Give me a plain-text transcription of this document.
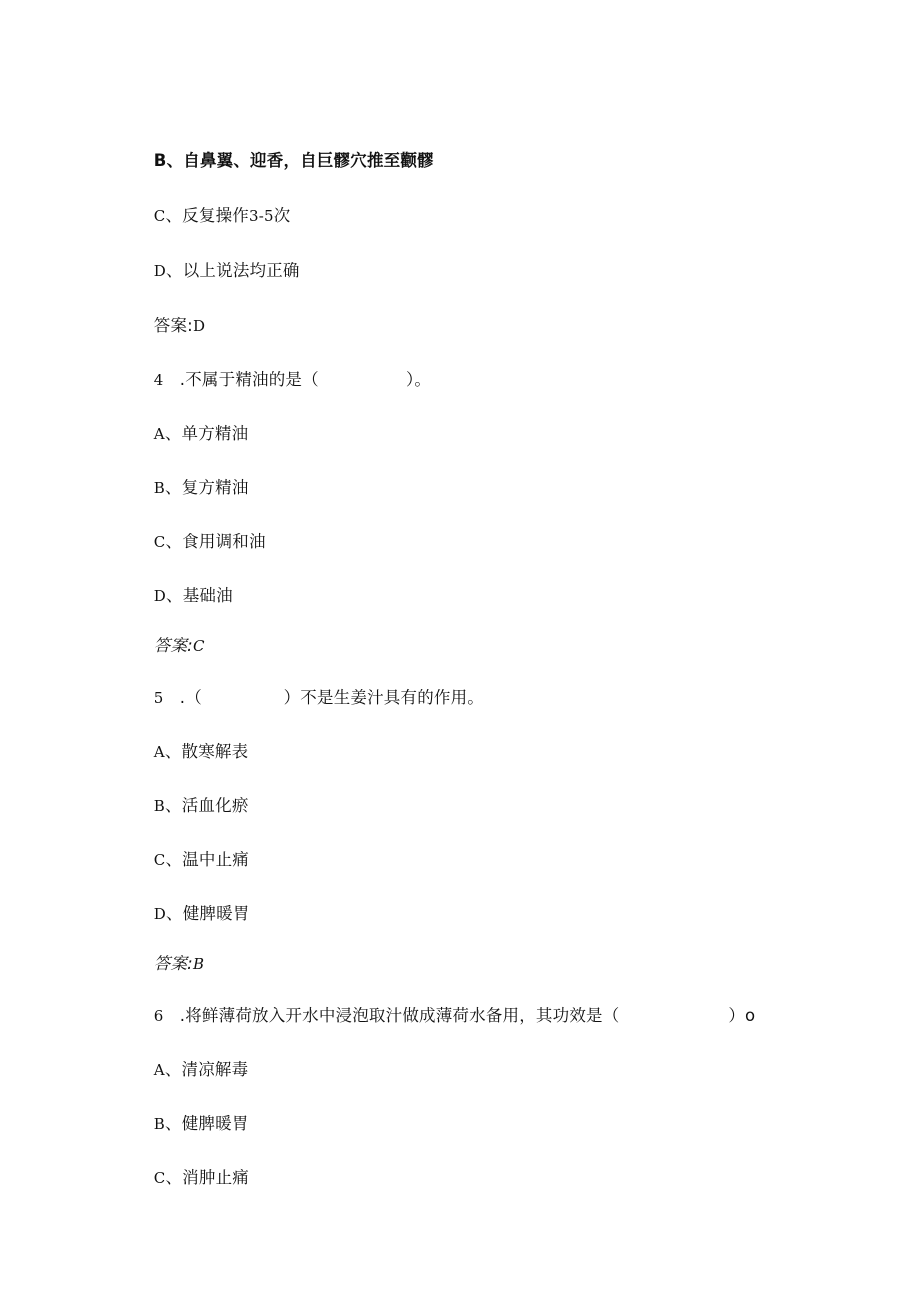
B、自鼻翼、迎香，自巨髎穴推至颧髎

C、反复操作3-5次

D、以上说法均正确

答案:D

4 .不属于精油的是（                ）。

A、单方精油

B、复方精油

C、食用调和油

D、基础油

答案:C

5 .（               ）不是生姜汁具有的作用。

A、散寒解表

B、活血化瘀

C、温中止痛

D、健脾暖胃

答案:B

6 .将鲜薄荷放入开水中浸泡取汁做成薄荷水备用，其功效是（                    ）o

A、清凉解毒

B、健脾暖胃

C、消肿止痛
